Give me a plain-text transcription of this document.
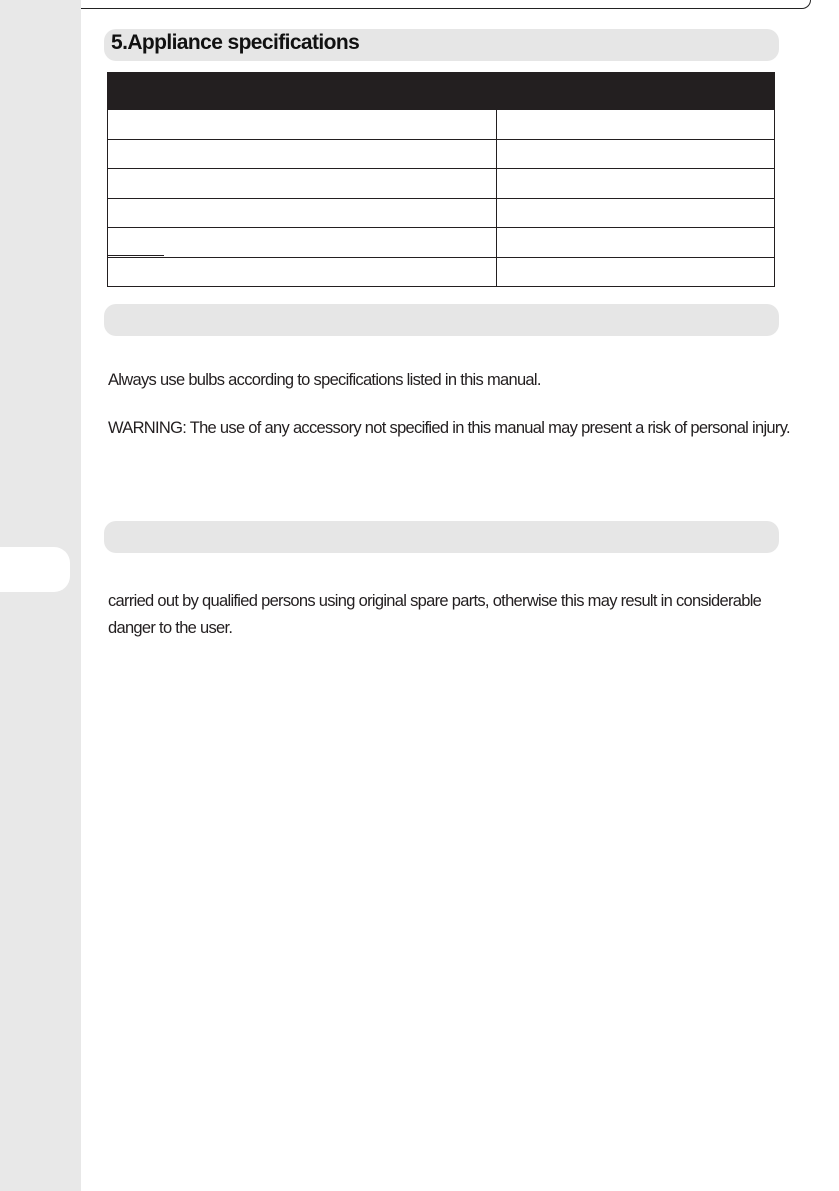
5.Appliance specifications

Always use bulbs according to specifications listed in this manual.

WARNING: The use of any accessory not specified in this manual may present a risk of personal injury.

carried out by qualified persons using original spare parts, otherwise this may result in considerable danger to the user.
